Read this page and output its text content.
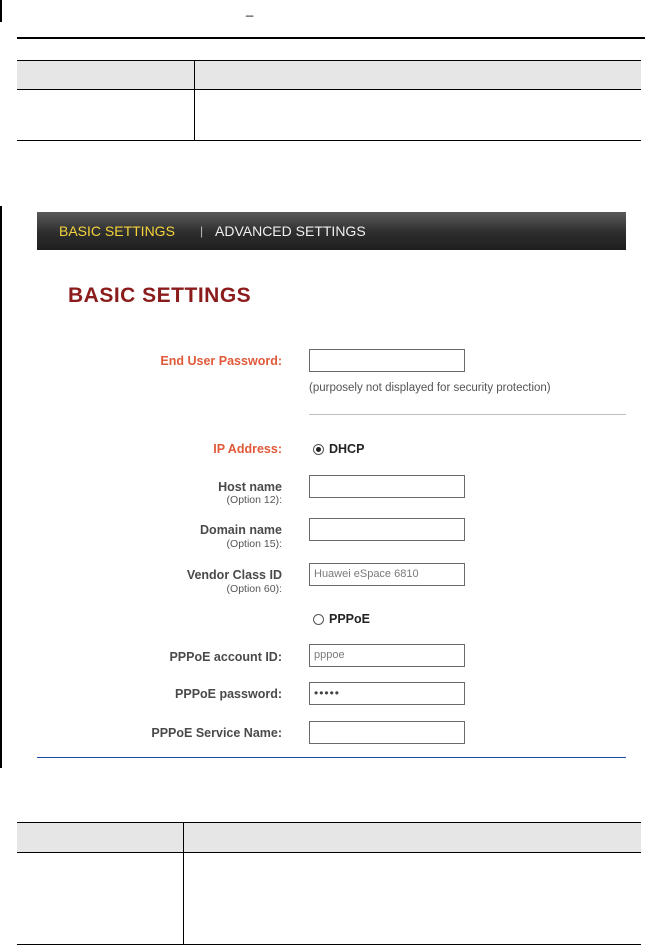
_
BASIC SETTINGS | ADVANCED SETTINGS
BASIC SETTINGS
End User Password:
(purposely not displayed for security protection)
IP Address:	DHCP
Host name
(Option 12):
Domain name
(Option 15):
Vendor Class ID
(Option 60):
Huawei eSpace 6810
PPPoE
PPPoE account ID:	pppoe
PPPoE password:	•••••
PPPoE Service Name:
